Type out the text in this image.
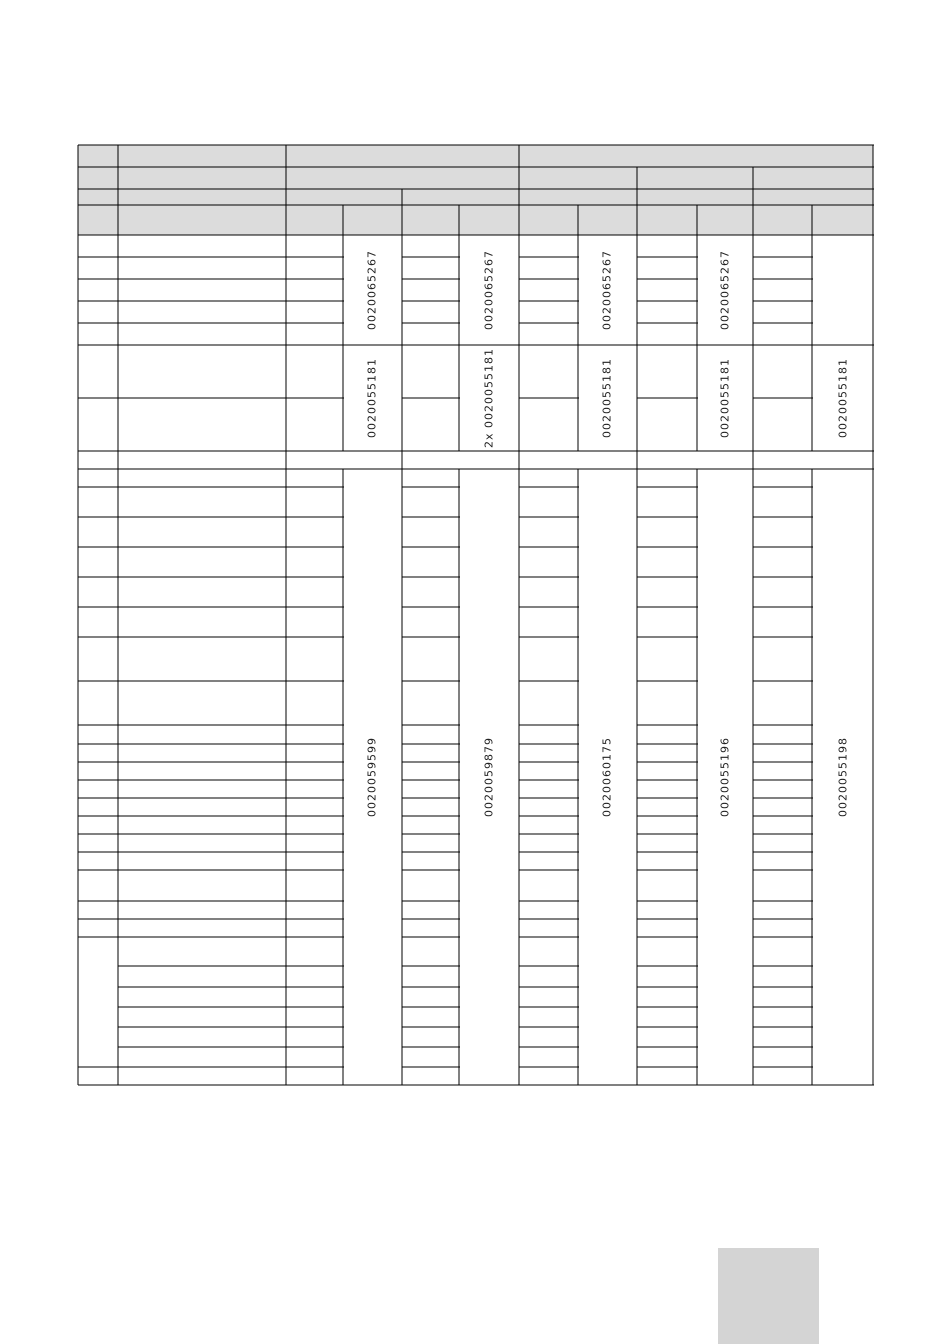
0020065267	0020065267	0020065267	0020065267
0020055181	2x 0020055181	0020055181	0020055181	0020055181
0020059599	0020059879	0020060175	0020055196	0020055198
